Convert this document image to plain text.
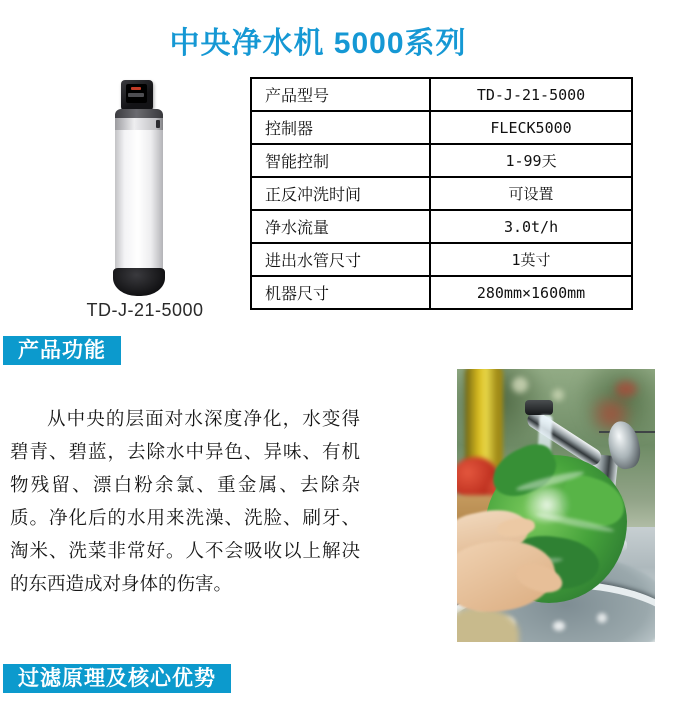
中央净水机 5000系列
TD-J-21-5000
产品型号	TD-J-21-5000
控制器	FLECK5000
智能控制	1-99天
正反冲洗时间	可设置
净水流量	3.0t/h
进出水管尺寸	1英寸
机器尺寸	280mm×1600mm
产品功能

从中央的层面对水深度净化，水变得碧青、碧蓝，去除水中异色、异味、有机物残留、漂白粉余氯、重金属、去除杂质。净化后的水用来洗澡、洗脸、刷牙、淘米、洗菜非常好。人不会吸收以上解决的东西造成对身体的伤害。

过滤原理及核心优势
